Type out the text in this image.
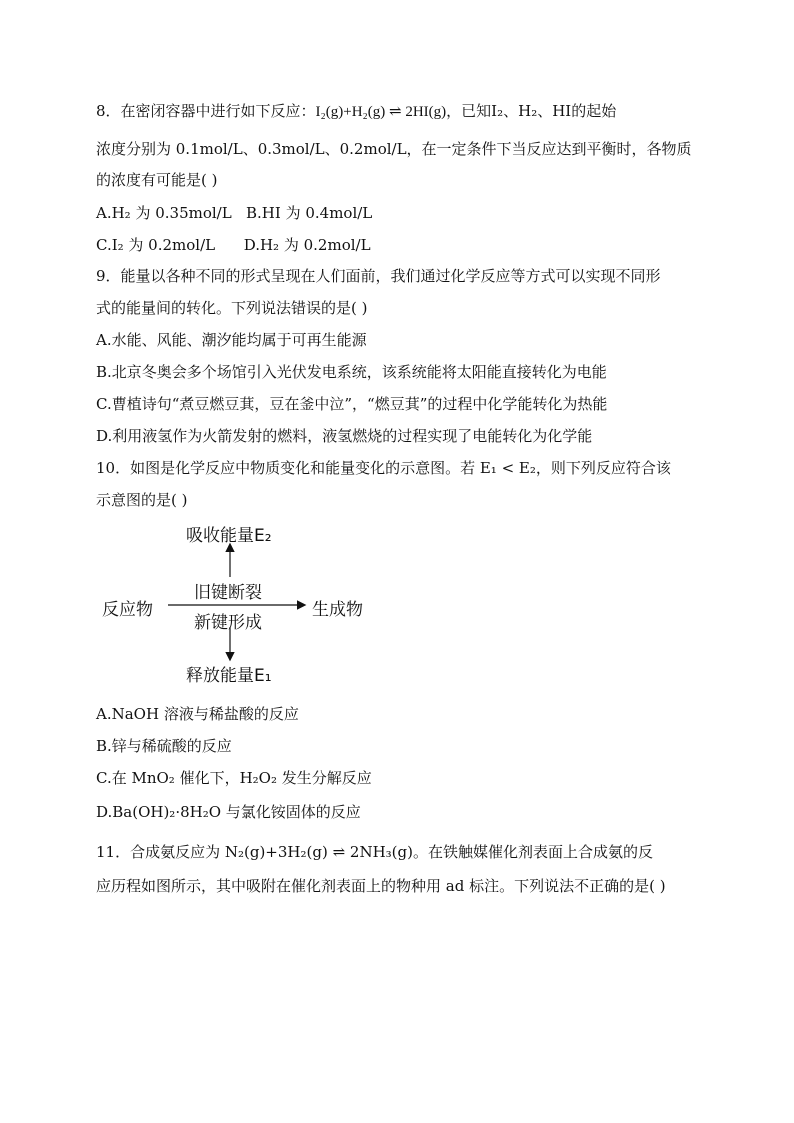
8．在密闭容器中进行如下反应：I₂(g)+H₂(g) ⇌ 2HI(g)，已知I₂、H₂、HI的起始
浓度分别为 0.1mol/L、0.3mol/L、0.2mol/L，在一定条件下当反应达到平衡时，各物质
的浓度有可能是( )
A.H₂ 为 0.35mol/L B.HI 为 0.4mol/L
C.I₂ 为 0.2mol/L D.H₂ 为 0.2mol/L
9．能量以各种不同的形式呈现在人们面前，我们通过化学反应等方式可以实现不同形
式的能量间的转化。下列说法错误的是( )
A.水能、风能、潮汐能均属于可再生能源
B.北京冬奥会多个场馆引入光伏发电系统，该系统能将太阳能直接转化为电能
C.曹植诗句“煮豆燃豆萁，豆在釜中泣”，“燃豆萁”的过程中化学能转化为热能
D.利用液氢作为火箭发射的燃料，液氢燃烧的过程实现了电能转化为化学能
10．如图是化学反应中物质变化和能量变化的示意图。若 E₁ < E₂，则下列反应符合该
示意图的是( )
吸收能量E₂
旧键断裂
反应物	生成物
新键形成
释放能量E₁
A.NaOH 溶液与稀盐酸的反应
B.锌与稀硫酸的反应
C.在 MnO₂ 催化下，H₂O₂ 发生分解反应
D.Ba(OH)₂·8H₂O 与氯化铵固体的反应
11．合成氨反应为 N₂(g)+3H₂(g) ⇌ 2NH₃(g)。在铁触媒催化剂表面上合成氨的反
应历程如图所示，其中吸附在催化剂表面上的物种用 ad 标注。下列说法不正确的是( )
